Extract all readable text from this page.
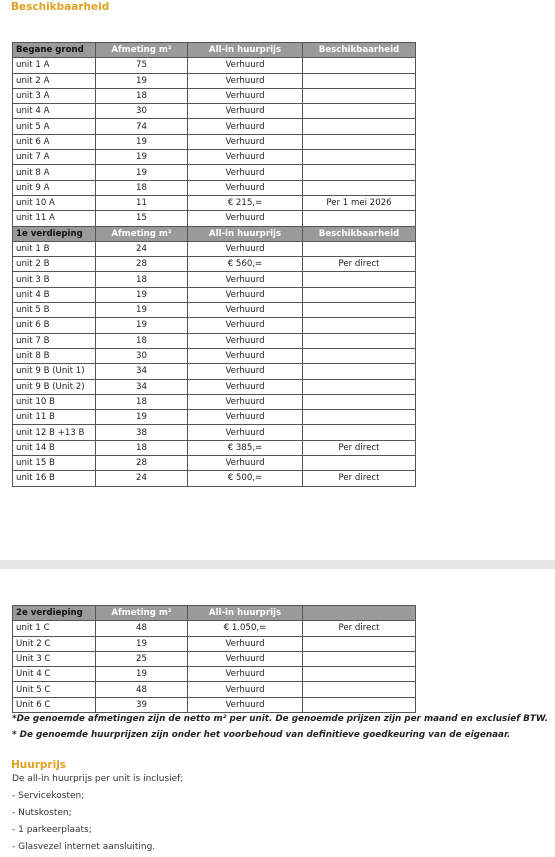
Beschikbaarheid
Begane grond	Afmeting m²	All-in huurprijs	Beschikbaarheid
unit 1 A	75	Verhuurd	
unit 2 A	19	Verhuurd	
unit 3 A	18	Verhuurd	
unit 4 A	30	Verhuurd	
unit 5 A	74	Verhuurd	
unit 6 A	19	Verhuurd	
unit 7 A	19	Verhuurd	
unit 8 A	19	Verhuurd	
unit 9 A	18	Verhuurd	
unit 10 A	11	€ 215,=	Per 1 mei 2026
unit 11 A	15	Verhuurd	
1e verdieping	Afmeting m²	All-in huurprijs	Beschikbaarheid
unit 1 B	24	Verhuurd	
unit 2 B	28	€ 560,=	Per direct
unit 3 B	18	Verhuurd	
unit 4 B	19	Verhuurd	
unit 5 B	19	Verhuurd	
unit 6 B	19	Verhuurd	
unit 7 B	18	Verhuurd	
unit 8 B	30	Verhuurd	
unit 9 B (Unit 1)	34	Verhuurd	
unit 9 B (Unit 2)	34	Verhuurd	
unit 10 B	18	Verhuurd	
unit 11 B	19	Verhuurd	
unit 12 B +13 B	38	Verhuurd	
unit 14 B	18	€ 385,=	Per direct
unit 15 B	28	Verhuurd	
unit 16 B	24	€ 500,=	Per direct
2e verdieping	Afmeting m²	All-in huurprijs	
unit 1 C	48	€ 1.050,=	Per direct
Unit 2 C	19	Verhuurd	
Unit 3 C	25	Verhuurd	
Unit 4 C	19	Verhuurd	
Unit 5 C	48	Verhuurd	
Unit 6 C	39	Verhuurd	
*De genoemde afmetingen zijn de netto m² per unit. De genoemde prijzen zijn per maand en exclusief BTW.
* De genoemde huurprijzen zijn onder het voorbehoud van definitieve goedkeuring van de eigenaar.
Huurprijs
De all-in huurprijs per unit is inclusief;
- Servicekosten;
- Nutskosten;
- 1 parkeerplaats;
- Glasvezel internet aansluiting.
